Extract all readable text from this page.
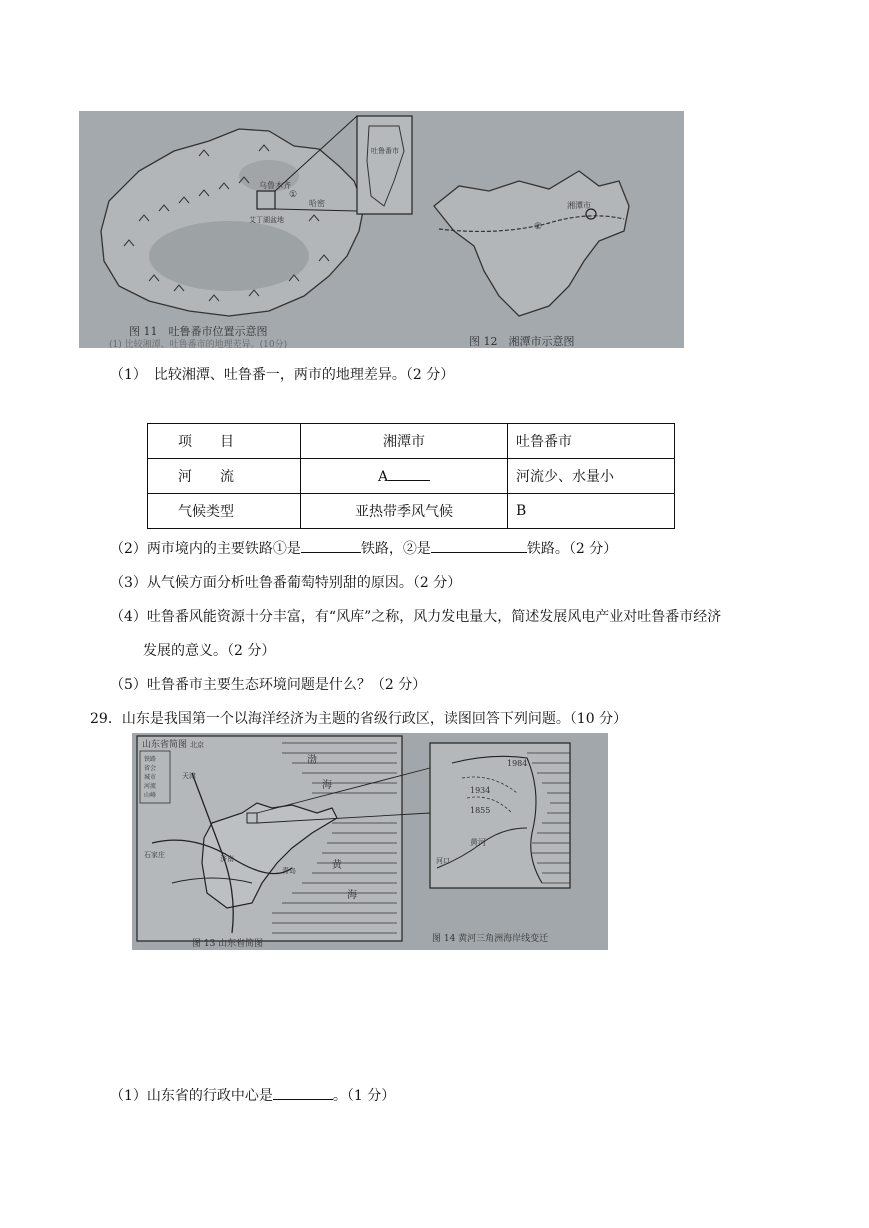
乌鲁木齐
艾丁湖盆地
①
哈密
吐鲁番市
湘潭市
②
图 11　吐鲁番市位置示意图
图 12　湘潭市示意图
(1) 比较湘潭、吐鲁番市的地理差异。(10分)
（1）　比较湘潭、吐鲁番一，两市的地理差异。（2 分）
项　　目	湘潭市	吐鲁番市
河　　流	A	河流少、水量小
气候类型	亚热带季风气候	B
（2）两市境内的主要铁路①是	铁路，②是	铁路。（2 分）
（3）从气候方面分析吐鲁番葡萄特别甜的原因。（2 分）
（4）吐鲁番风能资源十分丰富，有“风库”之称，风力发电量大，简述发展风电产业对吐鲁番市经济
发展的意义。（2 分）
（5）吐鲁番市主要生态环境问题是什么？（2 分）
29．山东是我国第一个以海洋经济为主题的省级行政区，读图回答下列问题。（10 分）
山东省简图
铁路
省会
城市
河流
山峰
北京
天津
石家庄	济南
青岛
渤
海
黄
海
图 13 山东省简图
1984
1934
1855
黄河
河口
图 14 黄河三角洲海岸线变迁
（1）山东省的行政中心是	。（1 分）
